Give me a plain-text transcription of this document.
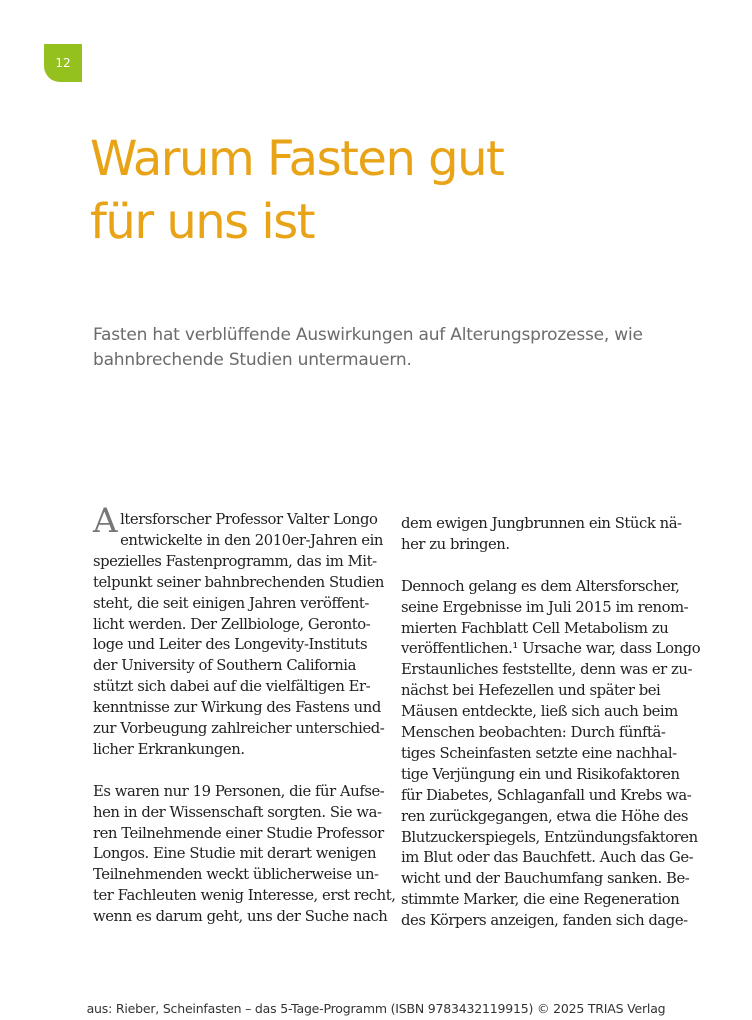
12
Warum Fasten gut
für uns ist
Fasten hat verblüffende Auswirkungen auf Alterungsprozesse, wie
bahnbrechende Studien untermauern.
A ltersforscher Professor Valter Longo
entwickelte in den 2010er-Jahren ein
spezielles Fastenprogramm, das im Mit-
telpunkt seiner bahnbrechenden Studien
steht, die seit einigen Jahren veröffent-
licht werden. Der Zellbiologe, Geronto-
loge und Leiter des Longevity-Instituts
der University of Southern California
stützt sich dabei auf die vielfältigen Er-
kenntnisse zur Wirkung des Fastens und
zur Vorbeugung zahlreicher unterschied-
licher Erkrankungen.
Es waren nur 19 Personen, die für Aufse-
hen in der Wissenschaft sorgten. Sie wa-
ren Teilnehmende einer Studie Professor
Longos. Eine Studie mit derart wenigen
Teilnehmenden weckt üblicherweise un-
ter Fachleuten wenig Interesse, erst recht,
wenn es darum geht, uns der Suche nach
dem ewigen Jungbrunnen ein Stück nä-
her zu bringen.
Dennoch gelang es dem Altersforscher,
seine Ergebnisse im Juli 2015 im renom-
mierten Fachblatt Cell Metabolism zu
veröffentlichen.¹ Ursache war, dass Longo
Erstaunliches feststellte, denn was er zu-
nächst bei Hefezellen und später bei
Mäusen entdeckte, ließ sich auch beim
Menschen beobachten: Durch fünftä-
tiges Scheinfasten setzte eine nachhal-
tige Verjüngung ein und Risikofaktoren
für Diabetes, Schlaganfall und Krebs wa-
ren zurückgegangen, etwa die Höhe des
Blutzuckerspiegels, Entzündungsfaktoren
im Blut oder das Bauchfett. Auch das Ge-
wicht und der Bauchumfang sanken. Be-
stimmte Marker, die eine Regeneration
des Körpers anzeigen, fanden sich dage-
aus: Rieber, Scheinfasten – das 5-Tage-Programm (ISBN 9783432119915) © 2025 TRIAS Verlag
